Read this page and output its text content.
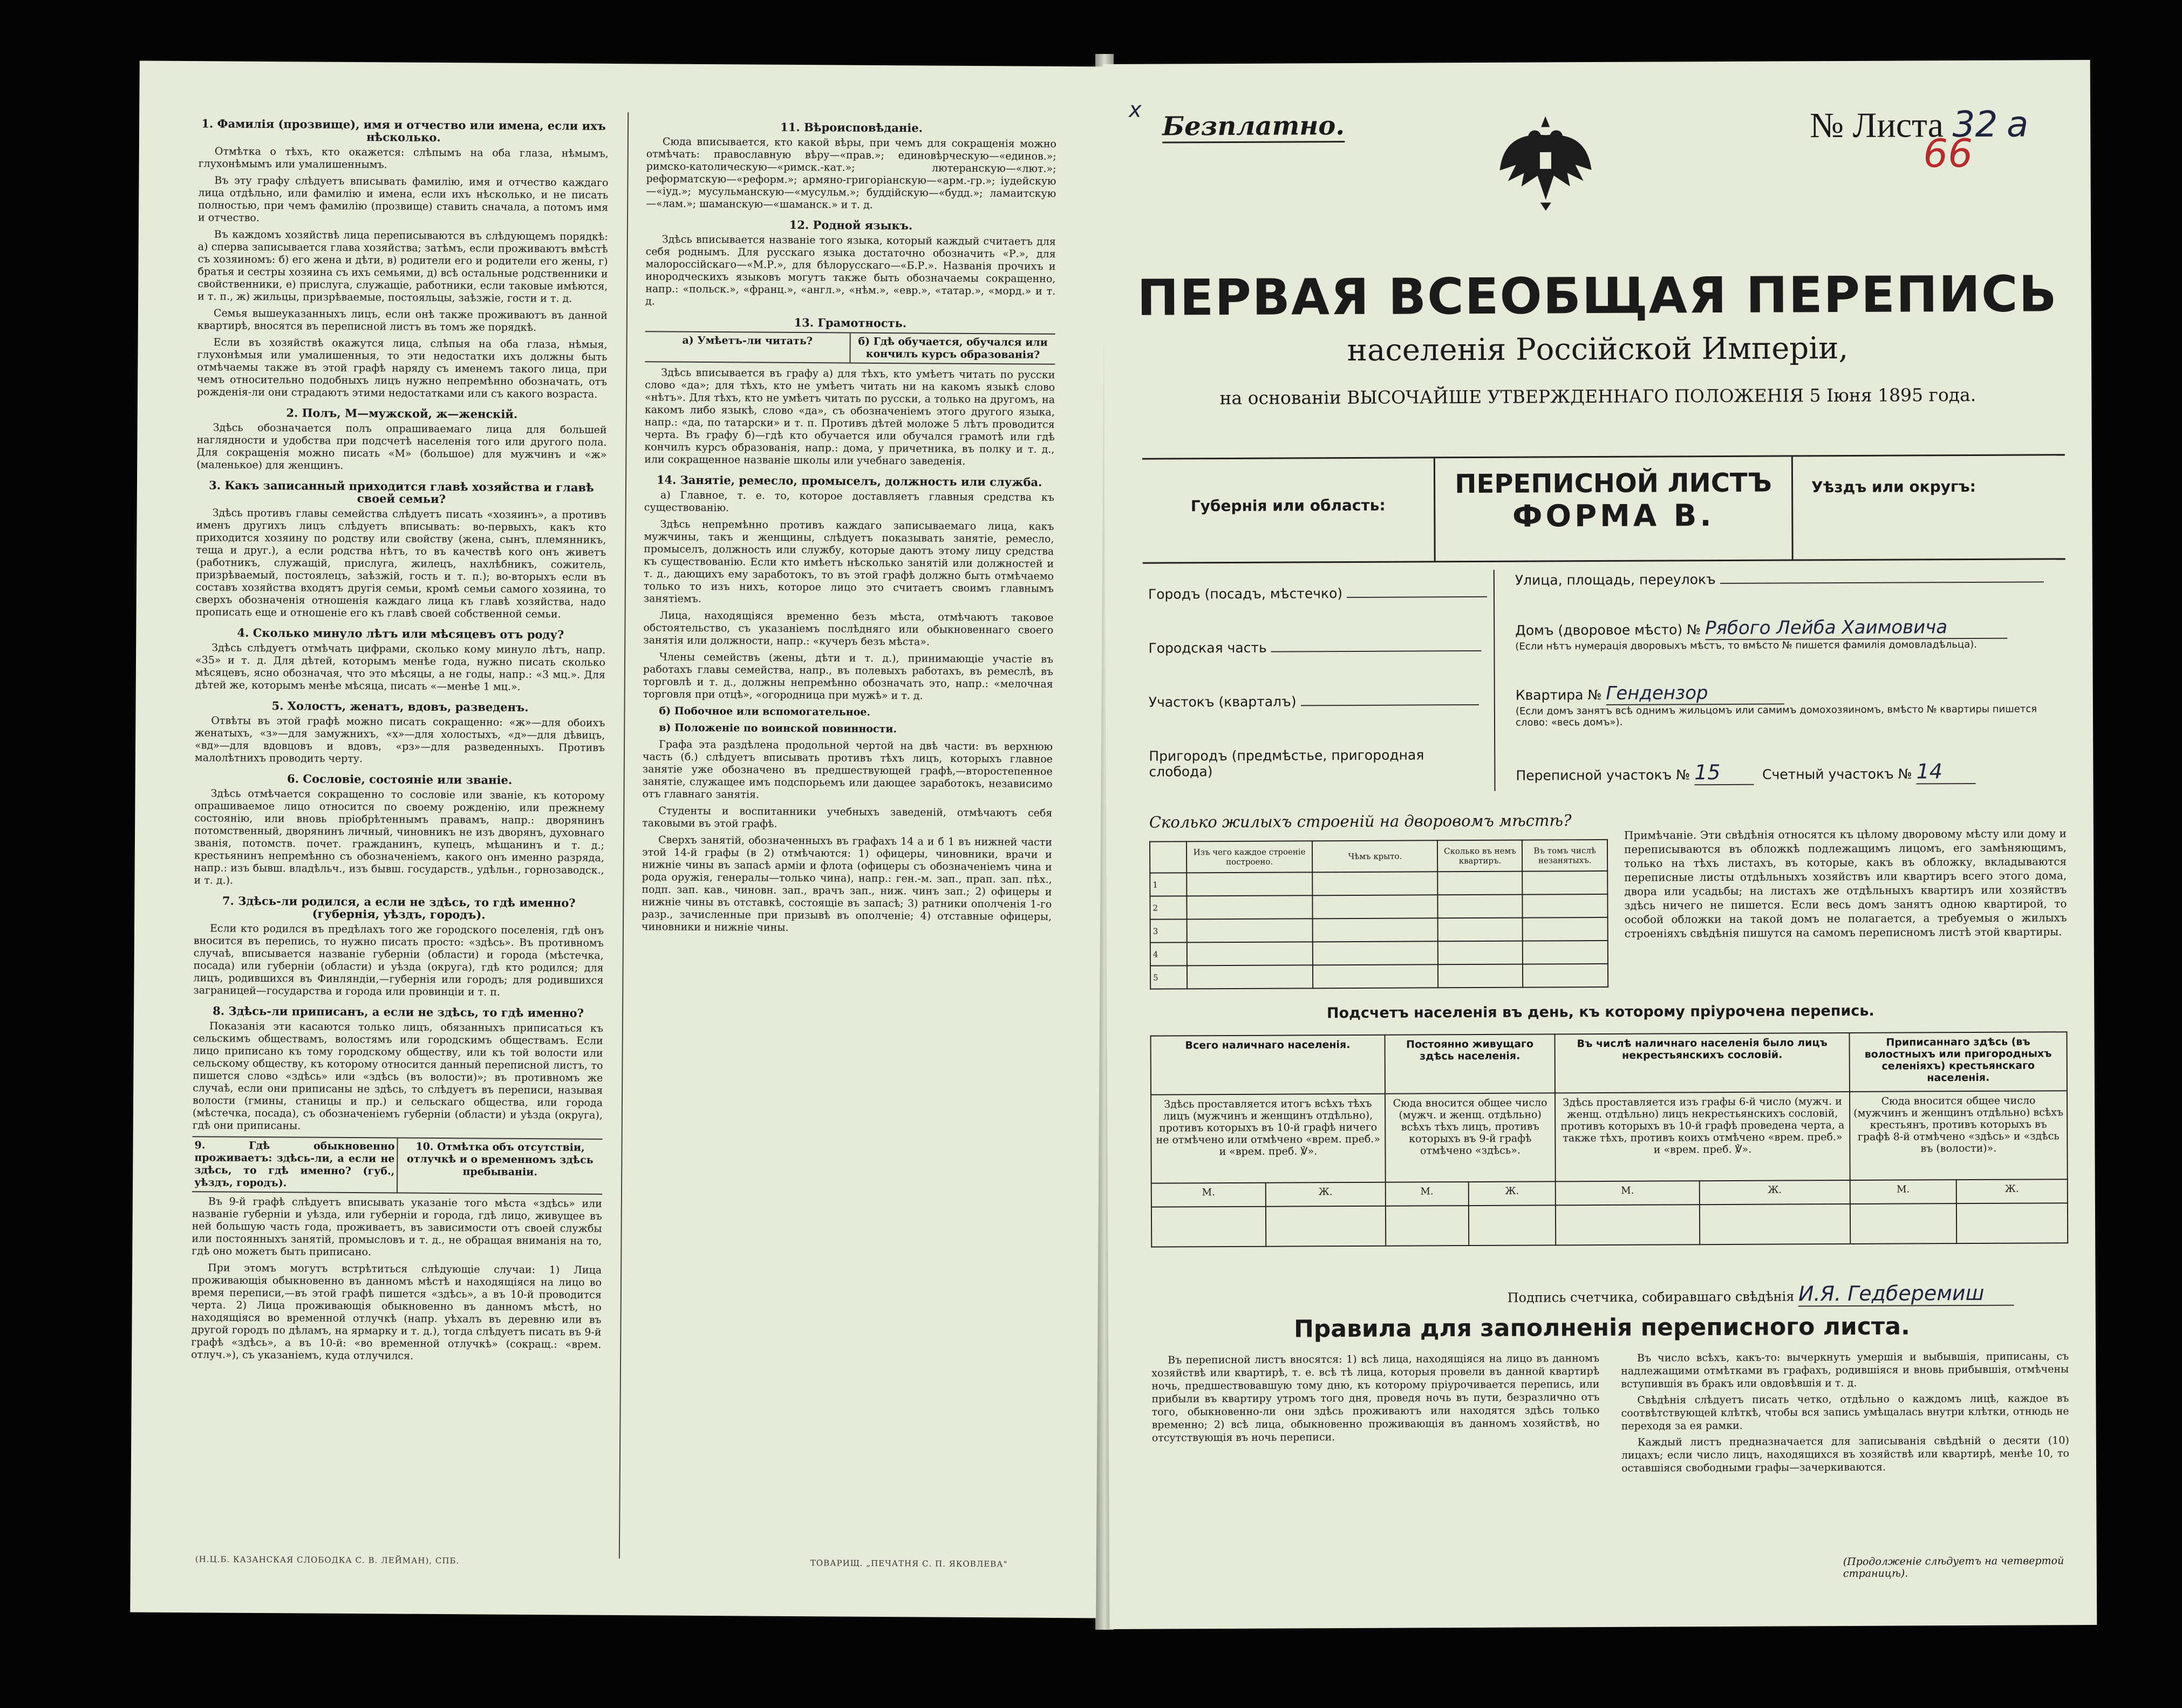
1. Фамилія (прозвище), имя и отчество или имена, если ихъ нѣсколько.

Отмѣтка о тѣхъ, кто окажется: слѣпымъ на оба глаза, нѣмымъ, глухонѣмымъ или умалишеннымъ.

Въ эту графу слѣдуетъ вписывать фамилію, имя и отчество каждаго лица отдѣльно, или фамилію и имена, если ихъ нѣсколько, и не писать полностью, при чемъ фамилію (прозвище) ставить сначала, а потомъ имя и отчество.

Въ каждомъ хозяйствѣ лица переписываются въ слѣдующемъ порядкѣ: а) сперва записывается глава хозяйства; затѣмъ, если проживаютъ вмѣстѣ съ хозяиномъ: б) его жена и дѣти, в) родители его и родители его жены, г) братья и сестры хозяина съ ихъ семьями, д) всѣ остальные родственники и свойственники, е) прислуга, служащіе, работники, если таковые имѣются, и т. п., ж) жильцы, призрѣваемые, постояльцы, заѣзжіе, гости и т. д.

Семья вышеуказанныхъ лицъ, если онѣ также проживаютъ въ данной квартирѣ, вносятся въ переписной листъ въ томъ же порядкѣ.

Если въ хозяйствѣ окажутся лица, слѣпыя на оба глаза, нѣмыя, глухонѣмыя или умалишенныя, то эти недостатки ихъ должны быть отмѣчаемы также въ этой графѣ наряду съ именемъ такого лица, при чемъ относительно подобныхъ лицъ нужно непремѣнно обозначать, отъ рожденія-ли они страдаютъ этими недостатками или съ какого возраста.

2. Полъ, М—мужской, ж—женскій.

Здѣсь обозначается полъ опрашиваемаго лица для большей наглядности и удобства при подсчетѣ населенія того или другого пола. Для сокращенія можно писать «М» (большое) для мужчинъ и «ж» (маленькое) для женщинъ.

3. Какъ записанный приходится главѣ хозяйства и главѣ своей семьи?

Здѣсь противъ главы семейства слѣдуетъ писать «хозяинъ», а противъ именъ другихъ лицъ слѣдуетъ вписывать: во-первыхъ, какъ кто приходится хозяину по родству или свойству (жена, сынъ, племянникъ, теща и друг.), а если родства нѣтъ, то въ качествѣ кого онъ живетъ (работникъ, служащій, прислуга, жилецъ, нахлѣбникъ, сожитель, призрѣваемый, постоялецъ, заѣзжій, гость и т. п.); во-вторыхъ если въ составъ хозяйства входятъ другія семьи, кромѣ семьи самого хозяина, то сверхъ обозначенія отношенія каждаго лица къ главѣ хозяйства, надо прописать еще и отношеніе его къ главѣ своей собственной семьи.

4. Сколько минуло лѣтъ или мѣсяцевъ отъ роду?

Здѣсь слѣдуетъ отмѣчать цифрами, сколько кому минуло лѣтъ, напр. «35» и т. д. Для дѣтей, которымъ менѣе года, нужно писать сколько мѣсяцевъ, ясно обозначая, что это мѣсяцы, а не годы, напр.: «3 мц.». Для дѣтей же, которымъ менѣе мѣсяца, писать «—менѣе 1 мц.».

5. Холостъ, женатъ, вдовъ, разведенъ.

Отвѣты въ этой графѣ можно писать сокращенно: «ж»—для обоихъ женатыхъ, «з»—для замужнихъ, «х»—для холостыхъ, «д»—для дѣвицъ, «вд»—для вдовцовъ и вдовъ, «рз»—для разведенныхъ. Противъ малолѣтнихъ проводить черту.

6. Сословіе, состояніе или званіе.

Здѣсь отмѣчается сокращенно то сословіе или званіе, къ которому опрашиваемое лицо относится по своему рожденію, или прежнему состоянію, или вновь пріобрѣтеннымъ правамъ, напр.: дворянинъ потомственный, дворянинъ личный, чиновникъ не изъ дворянъ, духовнаго званія, потомств. почет. гражданинъ, купецъ, мѣщанинъ и т. д.; крестьянинъ непремѣнно съ обозначеніемъ, какого онъ именно разряда, напр.: изъ бывш. владѣльч., изъ бывш. государств., удѣльн., горнозаводск., и т. д.).

7. Здѣсь-ли родился, а если не здѣсь, то гдѣ именно? (губернія, уѣздъ, городъ).

Если кто родился въ предѣлахъ того же городского поселенія, гдѣ онъ вносится въ перепись, то нужно писать просто: «здѣсь». Въ противномъ случаѣ, вписывается названіе губерніи (области) и города (мѣстечка, посада) или губерніи (области) и уѣзда (округа), гдѣ кто родился; для лицъ, родившихся въ Финляндіи,—губернія или городъ; для родившихся заграницей—государства и города или провинціи и т. п.

8. Здѣсь-ли приписанъ, а если не здѣсь, то гдѣ именно?

Показанія эти касаются только лицъ, обязанныхъ приписаться къ сельскимъ обществамъ, волостямъ или городскимъ обществамъ. Если лицо приписано къ тому городскому обществу, или къ той волости или сельскому обществу, къ которому относится данный переписной листъ, то пишется слово «здѣсь» или «здѣсь (въ волости)»; въ противномъ же случаѣ, если они приписаны не здѣсь, то слѣдуетъ въ переписи, называя волости (гмины, станицы и пр.) и сельскаго общества, или города (мѣстечка, посада), съ обозначеніемъ губерніи (области) и уѣзда (округа), гдѣ они приписаны.

9. Гдѣ обыкновенно проживаетъ: здѣсь-ли, а если не здѣсь, то гдѣ именно? (губ., уѣздъ, городъ).
10. Отмѣтка объ отсутствіи, отлучкѣ и о временномъ здѣсь пребываніи.

Въ 9-й графѣ слѣдуетъ вписывать указаніе того мѣста «здѣсь» или названіе губерніи и уѣзда, или губерніи и города, гдѣ лицо, живущее въ ней большую часть года, проживаетъ, въ зависимости отъ своей службы или постоянныхъ занятій, промысловъ и т. д., не обращая вниманія на то, гдѣ оно можетъ быть приписано.

При этомъ могутъ встрѣтиться слѣдующіе случаи: 1) Лица проживающія обыкновенно въ данномъ мѣстѣ и находящіяся на лицо во время переписи,—въ этой графѣ пишется «здѣсь», а въ 10-й проводится черта. 2) Лица проживающія обыкновенно въ данномъ мѣстѣ, но находящіяся во временной отлучкѣ (напр. уѣхалъ въ деревню или въ другой городъ по дѣламъ, на ярмарку и т. д.), тогда слѣдуетъ писать въ 9-й графѣ «здѣсь», а въ 10-й: «во временной отлучкѣ» (сокращ.: «врем. отлуч.»), съ указаніемъ, куда отлучился.

11. Вѣроисповѣданіе.

Сюда вписывается, кто какой вѣры, при чемъ для сокращенія можно отмѣчать: православную вѣру—«прав.»; единовѣрческую—«единов.»; римско-католическую—«римск.-кат.»; лютеранскую—«лют.»; реформатскую—«реформ.»; армяно-григоріанскую—«арм.-гр.»; іудейскую—«іуд.»; мусульманскую—«мусульм.»; буддійскую—«будд.»; ламаитскую—«лам.»; шаманскую—«шаманск.» и т. д.

12. Родной языкъ.

Здѣсь вписывается названіе того языка, который каждый считаетъ для себя роднымъ. Для русскаго языка достаточно обозначить «Р.», для малороссійскаго—«М.Р.», для бѣлорусскаго—«Б.Р.». Названія прочихъ и инородческихъ языковъ могутъ также быть обозначаемы сокращенно, напр.: «польск.», «франц.», «англ.», «нѣм.», «евр.», «татар.», «морд.» и т. д.

13. Грамотность.
а) Умѣетъ-ли читать?	б) Гдѣ обучается, обучался или кончилъ курсъ образованія?

Здѣсь вписывается въ графу а) для тѣхъ, кто умѣетъ читать по русски слово «да»; для тѣхъ, кто не умѣетъ читать ни на какомъ языкѣ слово «нѣтъ». Для тѣхъ, кто не умѣетъ читать по русски, а только на другомъ, на какомъ либо языкѣ, слово «да», съ обозначеніемъ этого другого языка, напр.: «да, по татарски» и т. п. Противъ дѣтей моложе 5 лѣтъ проводится черта. Въ графу б)—гдѣ кто обучается или обучался грамотѣ или гдѣ кончилъ курсъ образованія, напр.: дома, у причетника, въ полку и т. д., или сокращенное названіе школы или учебнаго заведенія.

14. Занятіе, ремесло, промыселъ, должность или служба.

а) Главное, т. е. то, которое доставляетъ главныя средства къ существованію.

Здѣсь непремѣнно противъ каждаго записываемаго лица, какъ мужчины, такъ и женщины, слѣдуетъ показывать занятіе, ремесло, промыселъ, должность или службу, которые даютъ этому лицу средства къ существованію. Если кто имѣетъ нѣсколько занятій или должностей и т. д., дающихъ ему заработокъ, то въ этой графѣ должно быть отмѣчаемо только то изъ нихъ, которое лицо это считаетъ своимъ главнымъ занятіемъ.

Лица, находящіяся временно безъ мѣста, отмѣчаютъ таковое обстоятельство, съ указаніемъ послѣдняго или обыкновеннаго своего занятія или должности, напр.: «кучеръ безъ мѣста».

Члены семействъ (жены, дѣти и т. д.), принимающіе участіе въ работахъ главы семейства, напр., въ полевыхъ работахъ, въ ремеслѣ, въ торговлѣ и т. д., должны непремѣнно обозначать это, напр.: «мелочная торговля при отцѣ», «огородница при мужѣ» и т. д.

б) Побочное или вспомогательное.

в) Положеніе по воинской повинности.

Графа эта раздѣлена продольной чертой на двѣ части: въ верхнюю часть (б.) слѣдуетъ вписывать противъ тѣхъ лицъ, которыхъ главное занятіе уже обозначено въ предшествующей графѣ,—второстепенное занятіе, служащее имъ подспорьемъ или дающее заработокъ, независимо отъ главнаго занятія.

Студенты и воспитанники учебныхъ заведеній, отмѣчаютъ себя таковыми въ этой графѣ.

Сверхъ занятій, обозначенныхъ въ графахъ 14 а и б 1 въ нижней части этой 14-й графы (в 2) отмѣчаются: 1) офицеры, чиновники, врачи и нижніе чины въ запасѣ арміи и флота (офицеры съ обозначеніемъ чина и рода оружія, генералы—только чина), напр.: ген.-м. зап., прап. зап. пѣх., подп. зап. кав., чиновн. зап., врачъ зап., ниж. чинъ зап.; 2) офицеры и нижніе чины въ отставкѣ, состоящіе въ запасѣ; 3) ратники ополченія 1-го разр., зачисленные при призывѣ въ ополченіе; 4) отставные офицеры, чиновники и нижніе чины.

(Н.Ц.Б. КАЗАНСКАЯ СЛОБОДКА С. В. ЛЕЙМАН), СПБ.	ТОВАРИЩ. „ПЕЧАТНЯ С. П. ЯКОВЛЕВА"
х
Безплатно.	№ Листа 32 а
66
ПЕРВАЯ ВСЕОБЩАЯ ПЕРЕПИСЬ
населенія Россійской Имперіи,
на основаніи ВЫСОЧАЙШЕ УТВЕРЖДЕННАГО ПОЛОЖЕНІЯ 5 Іюня 1895 года.
Губернія или область:
ПЕРЕПИСНОЙ ЛИСТЪ
ФОРМА В.
Уѣздъ или округъ:
Городъ (посадъ, мѣстечко)
Городская часть
Участокъ (кварталъ)
Пригородъ (предмѣстье, пригородная слобода)
Улица, площадь, переулокъ
Домъ (дворовое мѣсто) № Рябого Лейба Хаимовича
(Если нѣтъ нумерація дворовыхъ мѣстъ, то вмѣсто № пишется фамилія домовладѣльца).
Квартира № Гендензор
(Если домъ занятъ всѣ однимъ жильцомъ или самимъ домохозяиномъ, вмѣсто № квартиры пишется слово: «весь домъ»).
Переписной участокъ № 15	Счетный участокъ № 14
Сколько жилыхъ строеній на дворовомъ мѣстѣ?
	Изъ чего каждое строеніе построено.	Чѣмъ крыто.	Сколько въ немъ квартиръ.	Въ томъ числѣ незанятыхъ.
1				
2				
3				
4				
5				
Примѣчаніе. Эти свѣдѣнія относятся къ цѣлому дворовому мѣсту или дому и переписываются въ обложкѣ подлежащимъ лицомъ, его замѣняющимъ, только на тѣхъ листахъ, въ которые, какъ въ обложку, вкладываются переписные листы отдѣльныхъ хозяйствъ или квартиръ всего этого дома, двора или усадьбы; на листахъ же отдѣльныхъ квартиръ или хозяйствъ здѣсь ничего не пишется. Если весь домъ занятъ одною квартирой, то особой обложки на такой домъ не полагается, а требуемыя о жилыхъ строеніяхъ свѣдѣнія пишутся на самомъ переписномъ листѣ этой квартиры.
Подсчетъ населенія въ день, къ которому пріурочена перепись.
Всего наличнаго населенія.		Постоянно живущаго здѣсь населенія.		Въ числѣ наличнаго населенія было лицъ некрестьянскихъ сословій.		Приписаннаго здѣсь (въ волостныхъ или пригородныхъ селеніяхъ) крестьянскаго населенія.	
Здѣсь проставляется итогъ всѣхъ тѣхъ лицъ (мужчинъ и женщинъ отдѣльно), противъ которыхъ въ 10-й графѣ ничего не отмѣчено или отмѣчено «врем. преб.» и «врем. преб. ℣».		Сюда вносится общее число (мужч. и женщ. отдѣльно) всѣхъ тѣхъ лицъ, противъ которыхъ въ 9-й графѣ отмѣчено «здѣсь».		Здѣсь проставляется изъ графы 6-й число (мужч. и женщ. отдѣльно) лицъ некрестьянскихъ сословій, противъ которыхъ въ 10-й графѣ проведена черта, а также тѣхъ, противъ коихъ отмѣчено «врем. преб.» и «врем. преб. ℣».		Сюда вносится общее число (мужчинъ и женщинъ отдѣльно) всѣхъ крестьянъ, противъ которыхъ въ графѣ 8-й отмѣчено «здѣсь» и «здѣсь въ (волости)».	
М.	Ж.	М.	Ж.	М.	Ж.	М.	Ж.

Подпись счетчика, собиравшаго свѣдѣнія И.Я. Гедберемиш
Правила для заполненія переписного листа.

Въ переписной листъ вносятся: 1) всѣ лица, находящіяся на лицо въ данномъ хозяйствѣ или квартирѣ, т. е. всѣ тѣ лица, которыя провели въ данной квартирѣ ночь, предшествовавшую тому дню, къ которому пріурочивается перепись, или прибыли въ квартиру утромъ того дня, проведя ночь въ пути, безразлично отъ того, обыкновенно-ли они здѣсь проживаютъ или находятся здѣсь только временно; 2) всѣ лица, обыкновенно проживающія въ данномъ хозяйствѣ, но отсутствующія въ ночь переписи.

Въ число всѣхъ, какъ-то: вычеркнуть умершія и выбывшія, приписаны, съ надлежащими отмѣтками въ графахъ, родившіяся и вновь прибывшія, отмѣчены вступившія въ бракъ или овдовѣвшія и т. д.

Свѣдѣнія слѣдуетъ писать четко, отдѣльно о каждомъ лицѣ, каждое въ соотвѣтствующей клѣткѣ, чтобы вся запись умѣщалась внутри клѣтки, отнюдь не переходя за ея рамки.

Каждый листъ предназначается для записыванія свѣдѣній о десяти (10) лицахъ; если число лицъ, находящихся въ хозяйствѣ или квартирѣ, менѣе 10, то оставшіяся свободными графы—зачеркиваются.

(Продолженіе слѣдуетъ на четвертой страницѣ).
